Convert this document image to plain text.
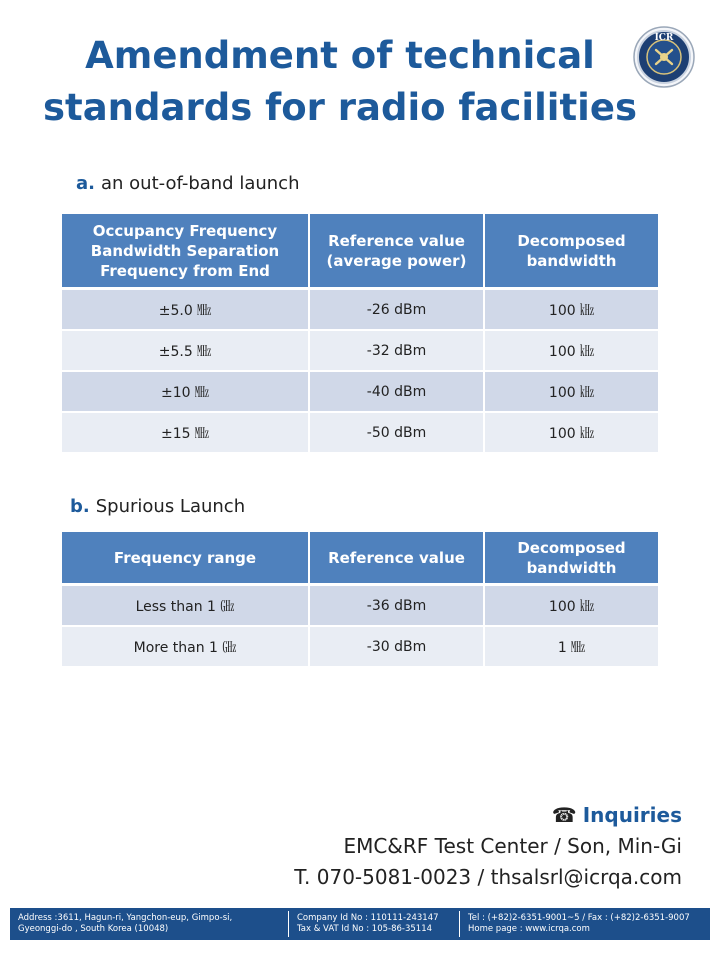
Amendment of technical
standards for radio facilities
ICR
a. an out-of-band launch
Occupancy Frequency Bandwidth Separation Frequency from End	Reference value (average power)	Decomposed bandwidth
±5.0 ㎒	-26 dBm	100 ㎑
±5.5 ㎒	-32 dBm	100 ㎑
±10 ㎒	-40 dBm	100 ㎑
±15 ㎒	-50 dBm	100 ㎑
b. Spurious Launch
Frequency range	Reference value	Decomposed bandwidth
Less than 1 ㎓	-36 dBm	100 ㎑
More than 1 ㎓	-30 dBm	1 ㎒
☎ Inquiries
EMC&RF Test Center / Son, Min-Gi
T. 070-5081-0023 / thsalsrl@icrqa.com
Address :3611, Hagun-ri, Yangchon-eup, Gimpo-si,
Gyeonggi-do , South Korea (10048)
Company Id No : 110111-243147
Tax & VAT Id No : 105-86-35114
Tel : (+82)2-6351-9001~5 / Fax : (+82)2-6351-9007
Home page : www.icrqa.com
